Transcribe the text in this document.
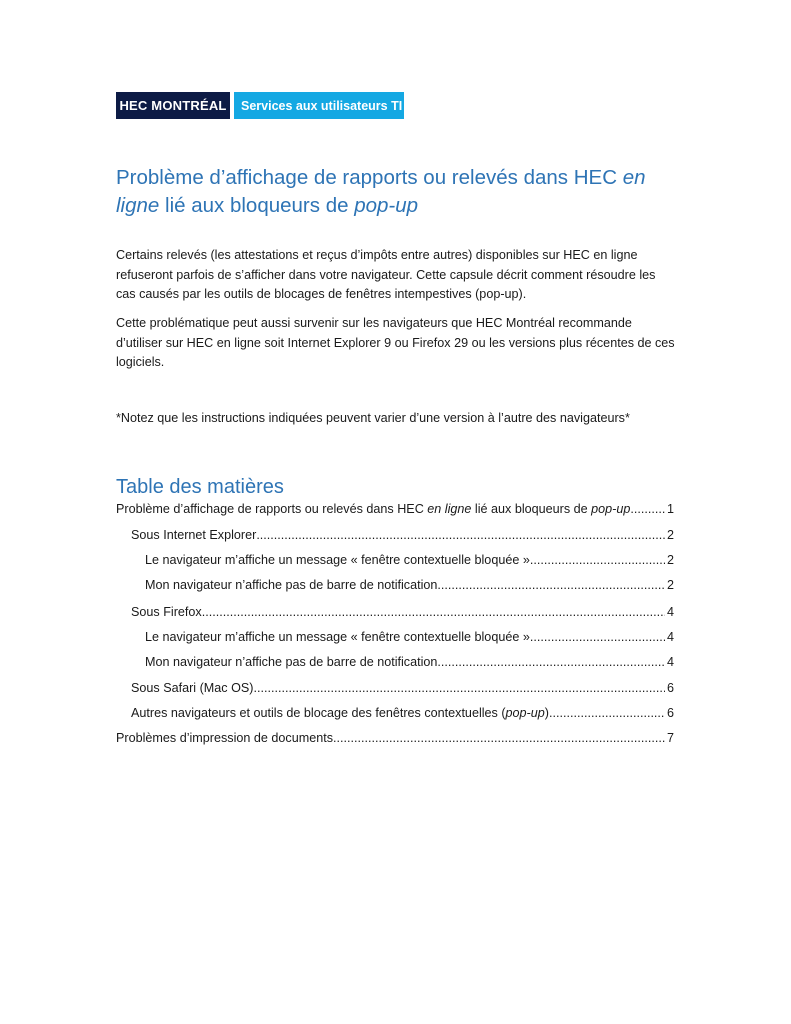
HEC MONTRÉAL	Services aux utilisateurs TI
Problème d’affichage de rapports ou relevés dans HEC en ligne lié aux bloqueurs de pop-up

Certains relevés (les attestations et reçus d’impôts entre autres) disponibles sur HEC en ligne refuseront parfois de s’afficher dans votre navigateur. Cette capsule décrit comment résoudre les cas causés par les outils de blocages de fenêtres intempestives (pop-up).

Cette problématique peut aussi survenir sur les navigateurs que HEC Montréal recommande d’utiliser sur HEC en ligne soit Internet Explorer 9 ou Firefox 29 ou les versions plus récentes de ces logiciels.

*Notez que les instructions indiquées peuvent varier d’une version à l’autre des navigateurs*

Table des matières
Problème d’affichage de rapports ou relevés dans HEC en ligne lié aux bloqueurs de pop-up .....	1
Sous Internet Explorer .....	2
Le navigateur m’affiche un message « fenêtre contextuelle bloquée » .....	2
Mon navigateur n’affiche pas de barre de notification. .....	2
Sous Firefox .....	4
Le navigateur m’affiche un message « fenêtre contextuelle bloquée » .....	4
Mon navigateur n’affiche pas de barre de notification. .....	4
Sous Safari (Mac OS) .....	6
Autres navigateurs et outils de blocage des fenêtres contextuelles (pop-up) .....	6
Problèmes d’impression de documents .....	7
